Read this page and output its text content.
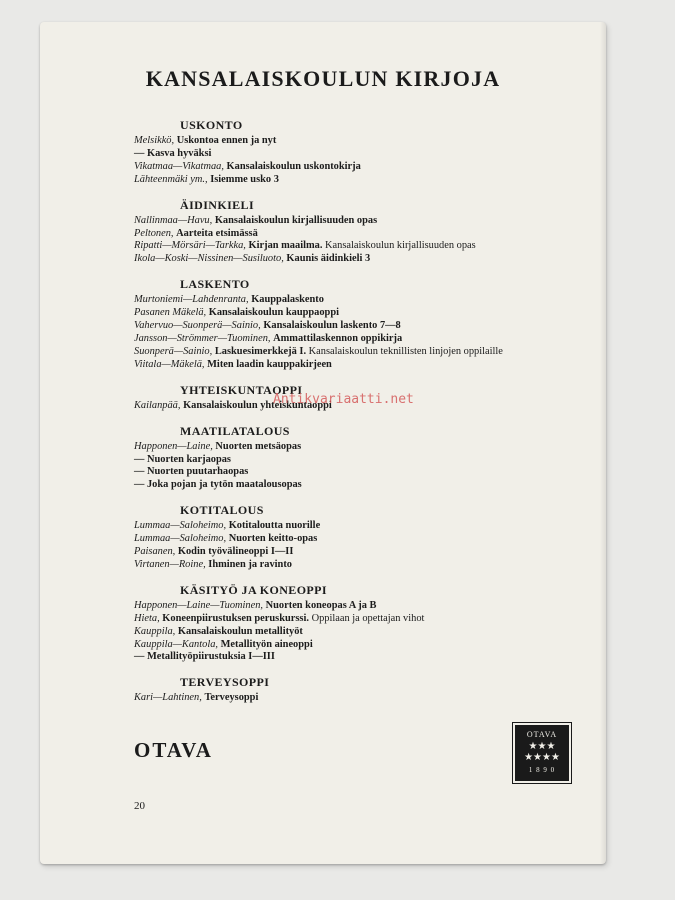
KANSALAISKOULUN KIRJOJA
USKONTO
Melsikkö, Uskontoa ennen ja nyt
— Kasva hyväksi
Vikatmaa—Vikatmaa, Kansalaiskoulun uskontokirja
Lähteenmäki ym., Isiemme usko 3
ÄIDINKIELI
Nallinmaa—Havu, Kansalaiskoulun kirjallisuuden opas
Peltonen, Aarteita etsimässä
Ripatti—Mörsäri—Tarkka, Kirjan maailma. Kansalaiskoulun kirjallisuuden opas
Ikola—Koski—Nissinen—Susiluoto, Kaunis äidinkieli 3
LASKENTO
Murtoniemi—Lahdenranta, Kauppalaskento
Pasanen Mäkelä, Kansalaiskoulun kauppaoppi
Vahervuo—Suonperä—Sainio, Kansalaiskoulun laskento 7—8
Jansson—Strömmer—Tuominen, Ammattilaskennon oppikirja
Suonperä—Sainio, Laskuesimerkkejä I. Kansalaiskoulun teknillisten linjojen oppilaille
Viitala—Mäkelä, Miten laadin kauppakirjeen
YHTEISKUNTAOPPI
Kailanpää, Kansalaiskoulun yhteiskuntaoppi
MAATILATALOUS
Happonen—Laine, Nuorten metsäopas
— Nuorten karjaopas
— Nuorten puutarhaopas
— Joka pojan ja tytön maatalousopas
KOTITALOUS
Lummaa—Saloheimo, Kotitaloutta nuorille
Lummaa—Saloheimo, Nuorten keitto-opas
Paisanen, Kodin työvälineoppi I—II
Virtanen—Roine, Ihminen ja ravinto
KÄSITYÖ JA KONEOPPI
Happonen—Laine—Tuominen, Nuorten koneopas A ja B
Hieta, Koneenpiirustuksen peruskurssi. Oppilaan ja opettajan vihot
Kauppila, Kansalaiskoulun metallityöt
Kauppila—Kantola, Metallityön aineoppi
— Metallityöpiirustuksia I—III
TERVEYSOPPI
Kari—Lahtinen, Terveysoppi
OTAVA
OTAVA
★★★
★★★★
1 8 9 0
20
Antikvariaatti.net
